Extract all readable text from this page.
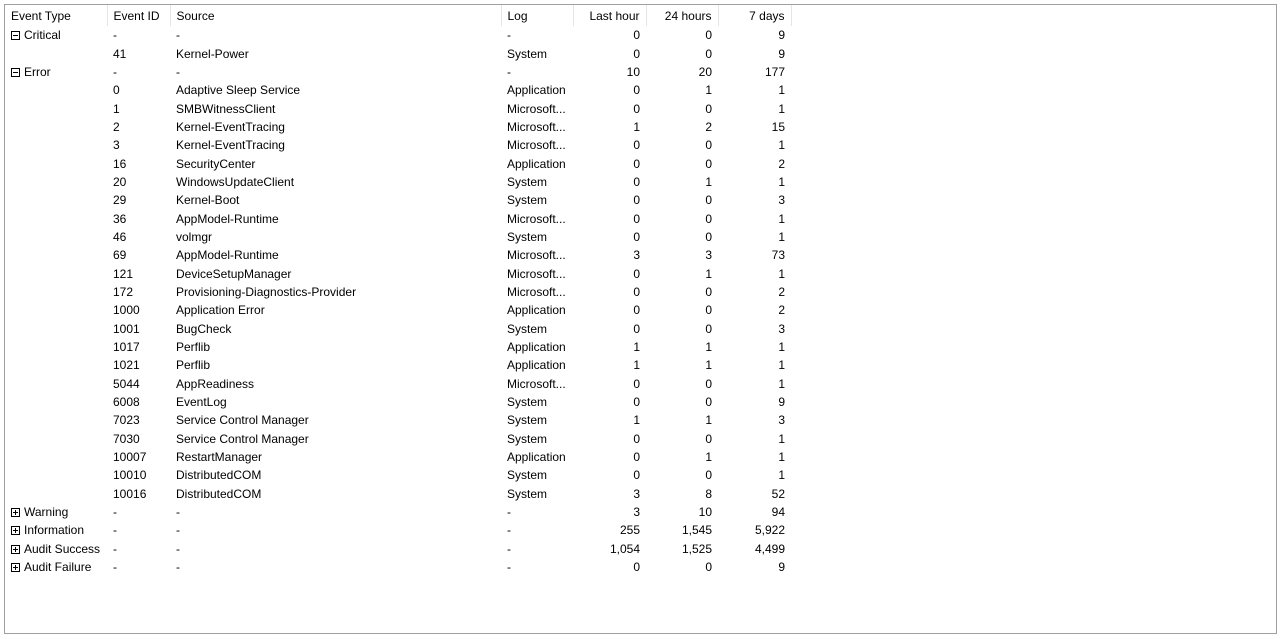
Event Type	Event ID	Source	Log	Last hour	24 hours	7 days
Critical	-	-	-	0	0	9
	41	Kernel-Power	System	0	0	9
Error	-	-	-	10	20	177
	0	Adaptive Sleep Service	Application	0	1	1
	1	SMBWitnessClient	Microsoft...	0	0	1
	2	Kernel-EventTracing	Microsoft...	1	2	15
	3	Kernel-EventTracing	Microsoft...	0	0	1
	16	SecurityCenter	Application	0	0	2
	20	WindowsUpdateClient	System	0	1	1
	29	Kernel-Boot	System	0	0	3
	36	AppModel-Runtime	Microsoft...	0	0	1
	46	volmgr	System	0	0	1
	69	AppModel-Runtime	Microsoft...	3	3	73
	121	DeviceSetupManager	Microsoft...	0	1	1
	172	Provisioning-Diagnostics-Provider	Microsoft...	0	0	2
	1000	Application Error	Application	0	0	2
	1001	BugCheck	System	0	0	3
	1017	Perflib	Application	1	1	1
	1021	Perflib	Application	1	1	1
	5044	AppReadiness	Microsoft...	0	0	1
	6008	EventLog	System	0	0	9
	7023	Service Control Manager	System	1	1	3
	7030	Service Control Manager	System	0	0	1
	10007	RestartManager	Application	0	1	1
	10010	DistributedCOM	System	0	0	1
	10016	DistributedCOM	System	3	8	52
Warning	-	-	-	3	10	94
Information	-	-	-	255	1,545	5,922
Audit Success	-	-	-	1,054	1,525	4,499
Audit Failure	-	-	-	0	0	9
